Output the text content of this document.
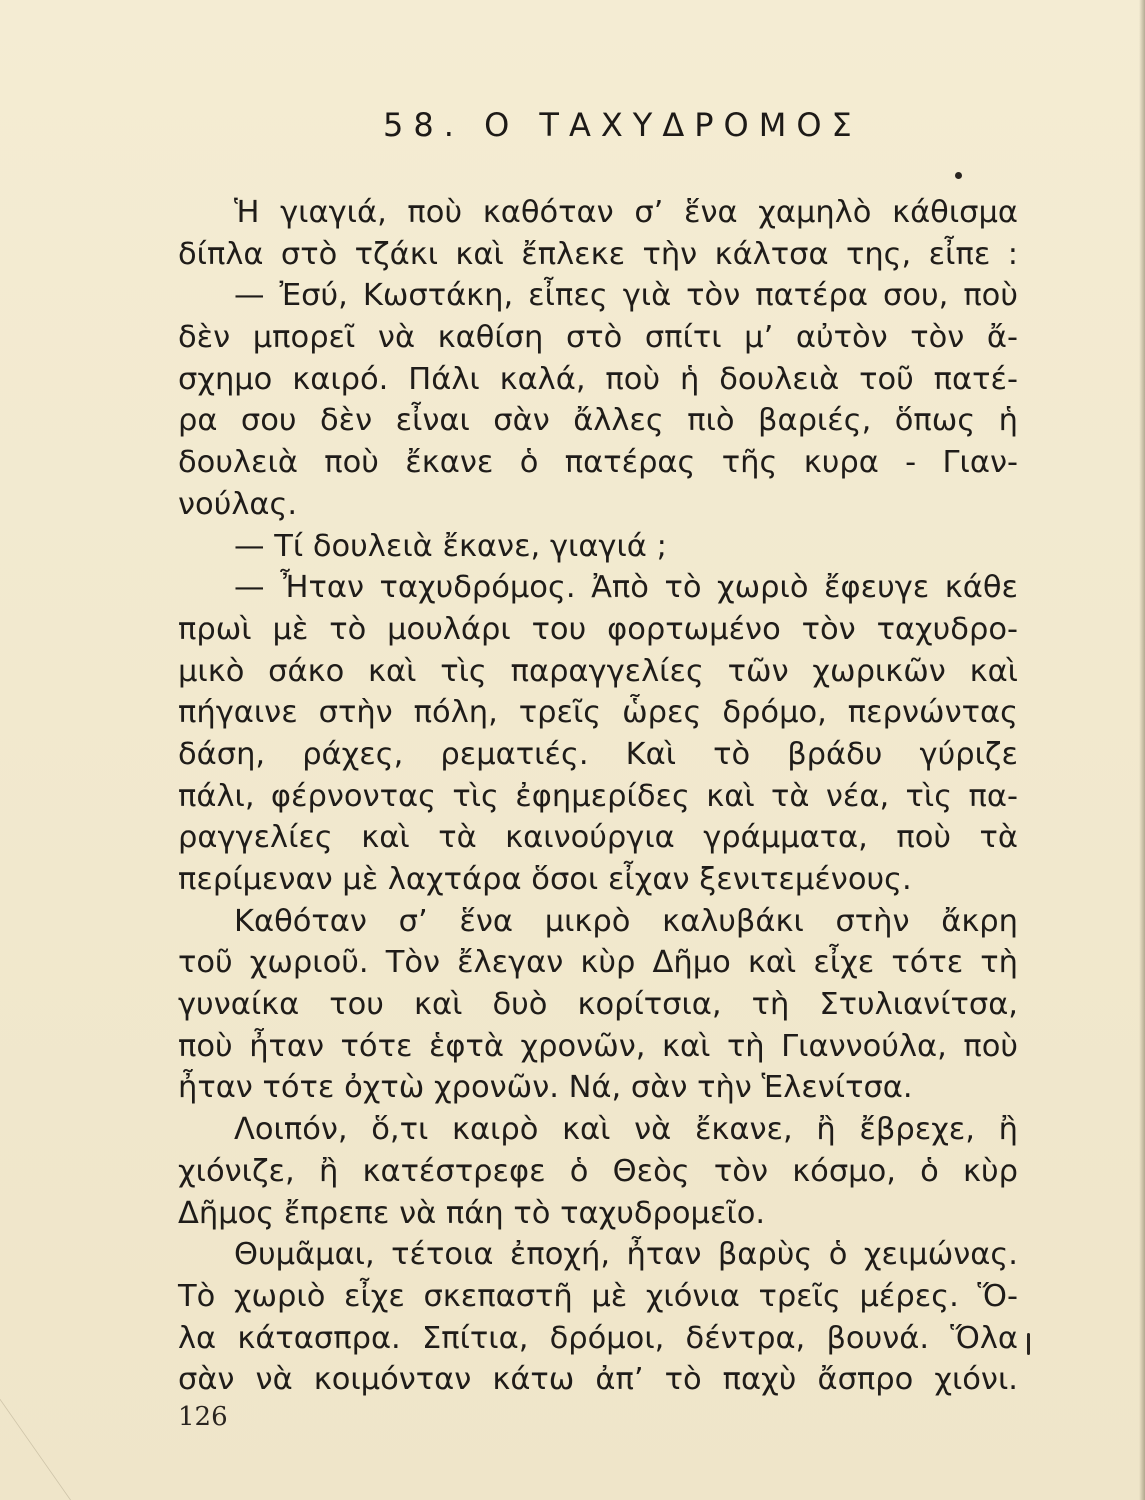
58. Ο ΤΑΧΥΔΡΟΜΟΣ
Ἡ γιαγιά, ποὺ καθόταν σ’ ἕνα χαμηλὸ κάθισμα
δίπλα στὸ τζάκι καὶ ἔπλεκε τὴν κάλτσα της, εἶπε :
— Ἐσύ, Κωστάκη, εἶπες γιὰ τὸν πατέρα σου, ποὺ
δὲν μπορεῖ νὰ καθίση στὸ σπίτι μ’ αὐτὸν τὸν ἄ-
σχημο καιρό. Πάλι καλά, ποὺ ἡ δουλειὰ τοῦ πατέ-
ρα σου δὲν εἶναι σὰν ἄλλες πιὸ βαριές, ὅπως ἡ
δουλειὰ ποὺ ἔκανε ὁ πατέρας τῆς κυρα - Γιαν-
νούλας.
— Τί δουλειὰ ἔκανε, γιαγιά ;
— Ἦταν ταχυδρόμος. Ἀπὸ τὸ χωριὸ ἔφευγε κάθε
πρωὶ μὲ τὸ μουλάρι του φορτωμένο τὸν ταχυδρο-
μικὸ σάκο καὶ τὶς παραγγελίες τῶν χωρικῶν καὶ
πήγαινε στὴν πόλη, τρεῖς ὧρες δρόμο, περνώντας
δάση, ράχες, ρεματιές. Καὶ τὸ βράδυ γύριζε
πάλι, φέρνοντας τὶς ἐφημερίδες καὶ τὰ νέα, τὶς πα-
ραγγελίες καὶ τὰ καινούργια γράμματα, ποὺ τὰ
περίμεναν μὲ λαχτάρα ὅσοι εἶχαν ξενιτεμένους.
Καθόταν σ’ ἕνα μικρὸ καλυβάκι στὴν ἄκρη
τοῦ χωριοῦ. Τὸν ἔλεγαν κὺρ Δῆμο καὶ εἶχε τότε τὴ
γυναίκα του καὶ δυὸ κορίτσια, τὴ Στυλιανίτσα,
ποὺ ἦταν τότε ἑφτὰ χρονῶν, καὶ τὴ Γιαννούλα, ποὺ
ἦταν τότε ὀχτὼ χρονῶν. Νά, σὰν τὴν Ἑλενίτσα.
Λοιπόν, ὅ,τι καιρὸ καὶ νὰ ἔκανε, ἢ ἔβρεχε, ἢ
χιόνιζε, ἢ κατέστρεφε ὁ Θεὸς τὸν κόσμο, ὁ κὺρ
Δῆμος ἔπρεπε νὰ πάη τὸ ταχυδρομεῖο.
Θυμᾶμαι, τέτοια ἐποχή, ἦταν βαρὺς ὁ χειμώνας.
Τὸ χωριὸ εἶχε σκεπαστῆ μὲ χιόνια τρεῖς μέρες. Ὅ-
λα κάτασπρα. Σπίτια, δρόμοι, δέντρα, βουνά. Ὅλα
σὰν νὰ κοιμόνταν κάτω ἀπ’ τὸ παχὺ ἄσπρο χιόνι.
126
